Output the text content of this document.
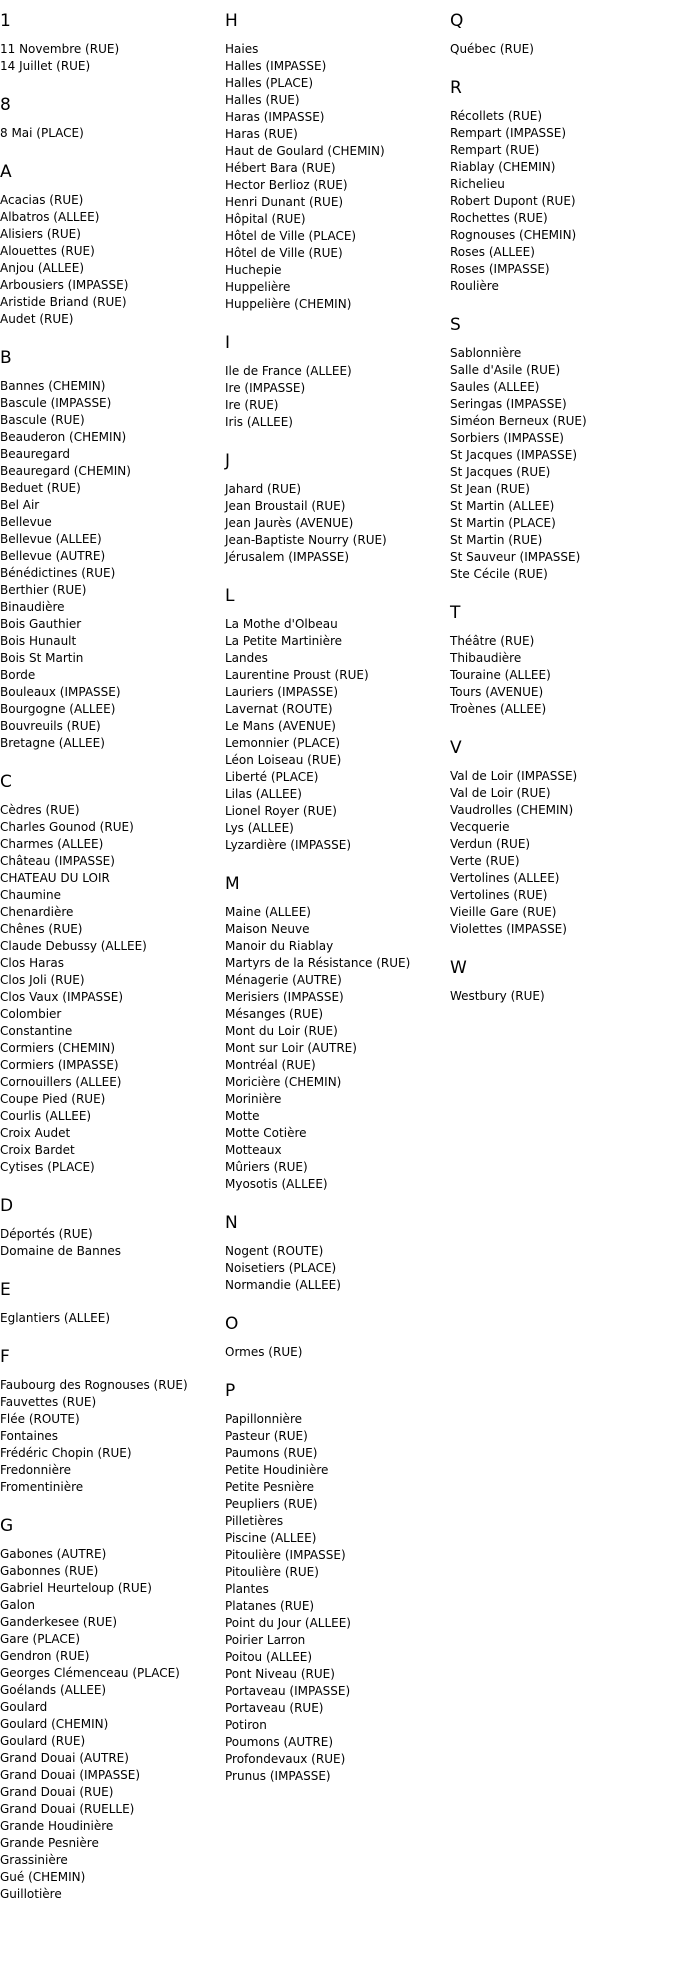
1
11 Novembre (RUE)
14 Juillet (RUE)
8
8 Mai (PLACE)
A
Acacias (RUE)
Albatros (ALLEE)
Alisiers (RUE)
Alouettes (RUE)
Anjou (ALLEE)
Arbousiers (IMPASSE)
Aristide Briand (RUE)
Audet (RUE)
B
Bannes (CHEMIN)
Bascule (IMPASSE)
Bascule (RUE)
Beauderon (CHEMIN)
Beauregard
Beauregard (CHEMIN)
Beduet (RUE)
Bel Air
Bellevue
Bellevue (ALLEE)
Bellevue (AUTRE)
Bénédictines (RUE)
Berthier (RUE)
Binaudière
Bois Gauthier
Bois Hunault
Bois St Martin
Borde
Bouleaux (IMPASSE)
Bourgogne (ALLEE)
Bouvreuils (RUE)
Bretagne (ALLEE)
C
Cèdres (RUE)
Charles Gounod (RUE)
Charmes (ALLEE)
Château (IMPASSE)
CHATEAU DU LOIR
Chaumine
Chenardière
Chênes (RUE)
Claude Debussy (ALLEE)
Clos Haras
Clos Joli (RUE)
Clos Vaux (IMPASSE)
Colombier
Constantine
Cormiers (CHEMIN)
Cormiers (IMPASSE)
Cornouillers (ALLEE)
Coupe Pied (RUE)
Courlis (ALLEE)
Croix Audet
Croix Bardet
Cytises (PLACE)
D
Déportés (RUE)
Domaine de Bannes
E
Eglantiers (ALLEE)
F
Faubourg des Rognouses (RUE)
Fauvettes (RUE)
Flée (ROUTE)
Fontaines
Frédéric Chopin (RUE)
Fredonnière
Fromentinière
G
Gabones (AUTRE)
Gabonnes (RUE)
Gabriel Heurteloup (RUE)
Galon
Ganderkesee (RUE)
Gare (PLACE)
Gendron (RUE)
Georges Clémenceau (PLACE)
Goélands (ALLEE)
Goulard
Goulard (CHEMIN)
Goulard (RUE)
Grand Douai (AUTRE)
Grand Douai (IMPASSE)
Grand Douai (RUE)
Grand Douai (RUELLE)
Grande Houdinière
Grande Pesnière
Grassinière
Gué (CHEMIN)
Guillotière
H
Haies
Halles (IMPASSE)
Halles (PLACE)
Halles (RUE)
Haras (IMPASSE)
Haras (RUE)
Haut de Goulard (CHEMIN)
Hébert Bara (RUE)
Hector Berlioz (RUE)
Henri Dunant (RUE)
Hôpital (RUE)
Hôtel de Ville (PLACE)
Hôtel de Ville (RUE)
Huchepie
Huppelière
Huppelière (CHEMIN)
I
Ile de France (ALLEE)
Ire (IMPASSE)
Ire (RUE)
Iris (ALLEE)
J
Jahard (RUE)
Jean Broustail (RUE)
Jean Jaurès (AVENUE)
Jean-Baptiste Nourry (RUE)
Jérusalem (IMPASSE)
L
La Mothe d'Olbeau
La Petite Martinière
Landes
Laurentine Proust (RUE)
Lauriers (IMPASSE)
Lavernat (ROUTE)
Le Mans (AVENUE)
Lemonnier (PLACE)
Léon Loiseau (RUE)
Liberté (PLACE)
Lilas (ALLEE)
Lionel Royer (RUE)
Lys (ALLEE)
Lyzardière (IMPASSE)
M
Maine (ALLEE)
Maison Neuve
Manoir du Riablay
Martyrs de la Résistance (RUE)
Ménagerie (AUTRE)
Merisiers (IMPASSE)
Mésanges (RUE)
Mont du Loir (RUE)
Mont sur Loir (AUTRE)
Montréal (RUE)
Moricière (CHEMIN)
Morinière
Motte
Motte Cotière
Motteaux
Mûriers (RUE)
Myosotis (ALLEE)
N
Nogent (ROUTE)
Noisetiers (PLACE)
Normandie (ALLEE)
O
Ormes (RUE)
P
Papillonnière
Pasteur (RUE)
Paumons (RUE)
Petite Houdinière
Petite Pesnière
Peupliers (RUE)
Pilletières
Piscine (ALLEE)
Pitoulière (IMPASSE)
Pitoulière (RUE)
Plantes
Platanes (RUE)
Point du Jour (ALLEE)
Poirier Larron
Poitou (ALLEE)
Pont Niveau (RUE)
Portaveau (IMPASSE)
Portaveau (RUE)
Potiron
Poumons (AUTRE)
Profondevaux (RUE)
Prunus (IMPASSE)
Q
Québec (RUE)
R
Récollets (RUE)
Rempart (IMPASSE)
Rempart (RUE)
Riablay (CHEMIN)
Richelieu
Robert Dupont (RUE)
Rochettes (RUE)
Rognouses (CHEMIN)
Roses (ALLEE)
Roses (IMPASSE)
Roulière
S
Sablonnière
Salle d'Asile (RUE)
Saules (ALLEE)
Seringas (IMPASSE)
Siméon Berneux (RUE)
Sorbiers (IMPASSE)
St Jacques (IMPASSE)
St Jacques (RUE)
St Jean (RUE)
St Martin (ALLEE)
St Martin (PLACE)
St Martin (RUE)
St Sauveur (IMPASSE)
Ste Cécile (RUE)
T
Théâtre (RUE)
Thibaudière
Touraine (ALLEE)
Tours (AVENUE)
Troènes (ALLEE)
V
Val de Loir (IMPASSE)
Val de Loir (RUE)
Vaudrolles (CHEMIN)
Vecquerie
Verdun (RUE)
Verte (RUE)
Vertolines (ALLEE)
Vertolines (RUE)
Vieille Gare (RUE)
Violettes (IMPASSE)
W
Westbury (RUE)
